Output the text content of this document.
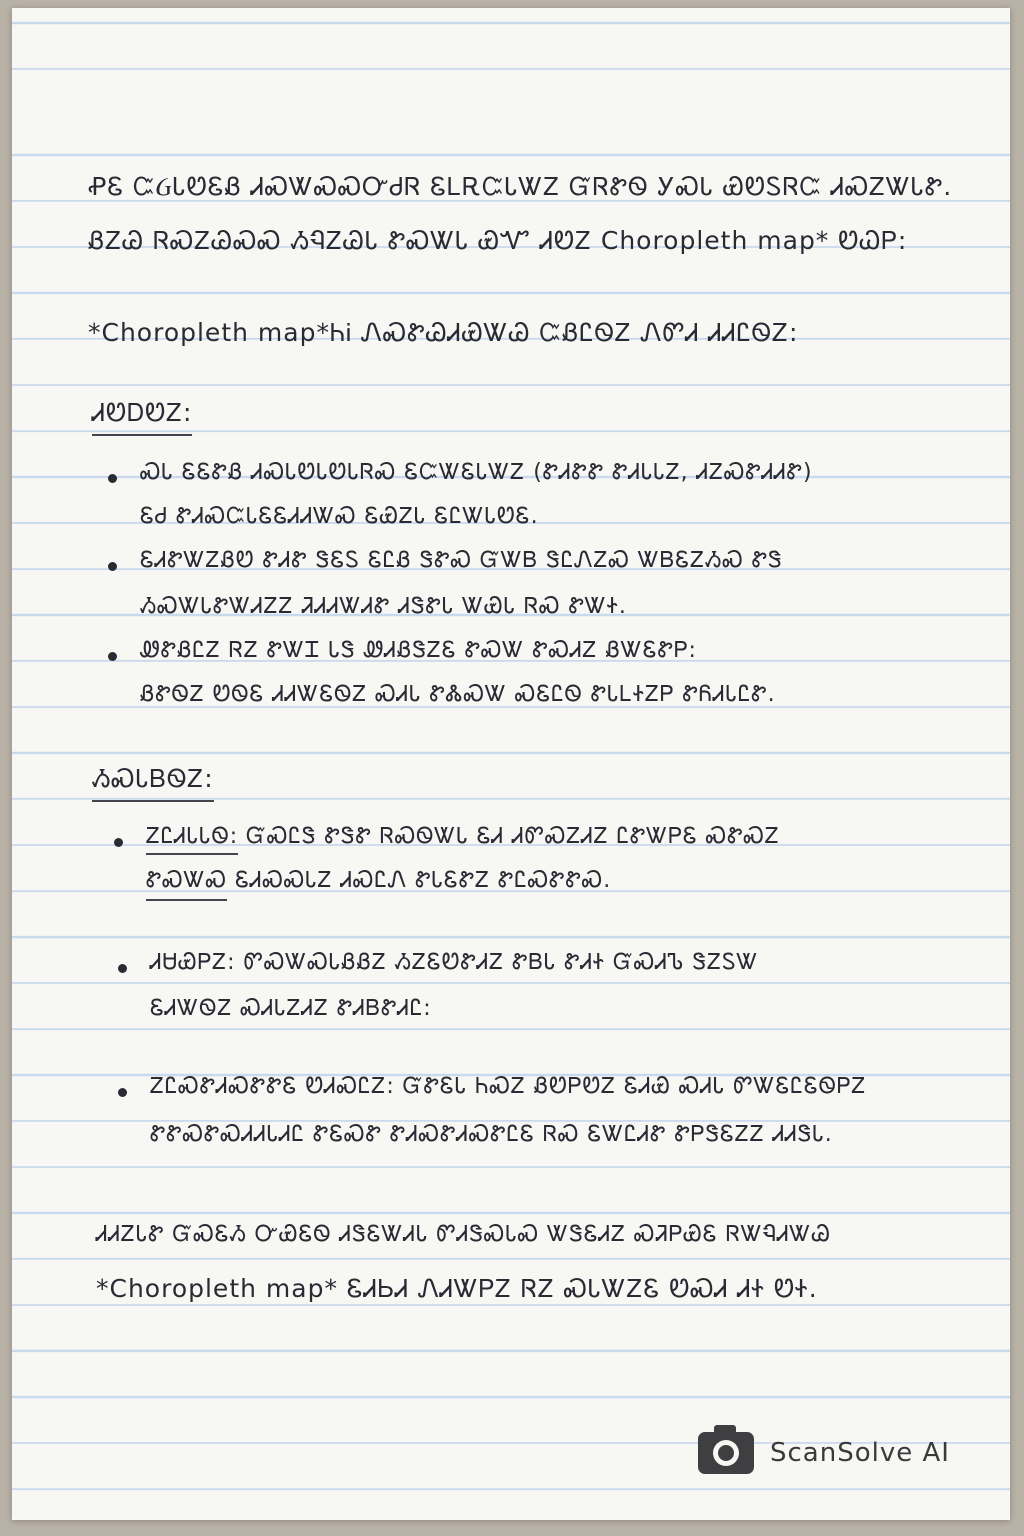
ꝒᏋ ᏨᏵᏓᏬᏋᏰ ᏗᏍᏔᏍᏍᏅᏧᏒ ᏋᏞᎡᏨᏓᏔᏃ ᏳᏒᏑᏫ ᎩᏍᏓ ᏯᏬᏚᏒᏨ ᏗᏍᏃᏔᏓᏑ.
ᏰᏃᏊ ᏒᏍᏃᏊᏍᏍ ᏱᏄᏃᏊᏓ ᏑᏍᏔᏓ ᏯᏉ ᏗᏬᏃ Choropleth map* ᏬᏇᏢ:
*Choropleth map*ᏂᎥ ᏁᏍᏑᏊᏗᏯᏔᏊ ᏨᏰᏝᏫᏃ ᏁᏛᏗ ᏗᏗᏝᏫᏃ:
ᏗᏬᎠᏬᏃ:
ᏍᏓ ᏋᏋᏑᏰ ᏗᏍᏓᏬᏓᏬᏓᏒᏍ ᏋᏨᏔᏋᏓᏔᏃ (ᏑᏗᏑᏑ ᏑᏗᏓᏓᏃ, ᏗᏃᏍᏑᏗᏗᏑ)
ᏋᏧ ᏑᏗᏍᏨᏓᏋᏋᏗᏗᏔᏍ ᏋᏯᏃᏓ ᏋᏝᏔᏓᏬᏋ.
ᏋᏗᏑᏔᏃᏰᏬ ᏑᏗᏑ ᏕᏋᏚ ᏋᏝᏰ ᏕᏑᏍ ᏳᏔᏴ ᏕᏝᏁᏃᏍ ᏔᏴᏋᏃᏱᏍ ᏑᏕ
ᏱᏍᏔᏓᏑᏔᏗᏃᏃ ᏘᏗᏗᏔᏗᏑ ᏗᏕᏑᏓ ᏔᏯᏓ ᏒᏍ ᏑᏔᏐ.
ᏪᏑᏰᏝᏃ ᏒᏃ ᏑᏔᏆ ᏓᏕ ᏪᏗᏰᏕᏃᏋ ᏑᏍᏔ ᏑᏍᏗᏃ ᏰᏔᏋᏑᏢ:
ᏰᏑᏫᏃ ᏬᏫᏋ ᏗᏗᏔᏋᏫᏃ ᏍᏗᏓ ᏑᏜᏍᏔ ᏍᏋᏝᏫ ᏑᏓᏞᏐᏃᏢ ᏑᏲᏗᏓᏝᏑ.
ᏱᏍᏓᏴᏫᏃ:
ᏃᏝᏗᏓᏓᏫ: ᏳᏍᏝᏕ ᏑᏕᏑ ᏒᏍᏫᏔᏓ ᏋᏗ ᏗᏛᏍᏃᏗᏃ ᏝᏑᏔᏢᏋ ᏍᏑᏍᏃ
ᏑᏍᏔᏍ ᏋᏗᏍᏍᏓᏃ ᏗᏍᏝᏁ ᏑᏓᏋᏑᏃ ᏑᏝᏍᏑᏑᏍ.
ᏗᏌᏯᏢᏃ: ᏛᏍᏔᏍᏓᏰᏰᏃ ᏱᏃᏋᏬᏑᏗᏃ ᏑᏴᏓ ᏑᏗᏐ ᏳᏍᏗᏖ ᏕᏃᏚᏔ
ᏋᏗᏔᏫᏃ ᏍᏗᏓᏃᏗᏃ ᏑᏗᏴᏑᏗᏝ:
ᏃᏝᏍᏑᏗᏍᏑᏑᏋ ᏬᏗᏍᏝᏃ: ᏳᏑᏋᏓ ᏂᏍᏃ ᏰᏬᏢᏬᏃ ᏋᏗᏯ ᏍᏗᏓ ᏛᏔᏋᏝᏋᏫᏢᏃ
ᏑᏑᏍᏑᏍᏗᏗᏓᏗᏝ ᏑᏋᏍᏑ ᏑᏗᏍᏑᏗᏍᏑᏝᏋ ᏒᏍ ᏋᏔᏝᏗᏑ ᏑᏢᏕᏋᏃᏃ ᏗᏗᏕᏓ.
ᏗᏗᏃᏓᏑ ᏳᏍᏋᏱ ᏅᏯᏋᏫ ᏗᏕᏋᏔᏗᏓ ᏛᏗᏕᏍᏓᏍ ᏔᏕᏋᏗᏃ ᏍᏘᏢᏯᏋ ᏒᏔᏄᏗᏔᏊ
*Choropleth map* ᏋᏗᏏᏗ ᏁᏗᏔᏢᏃ ᏒᏃ ᏍᏓᏔᏃᏋ ᏬᏍᏗ ᏗᏐ ᏬᏐ.
ScanSolve AI
